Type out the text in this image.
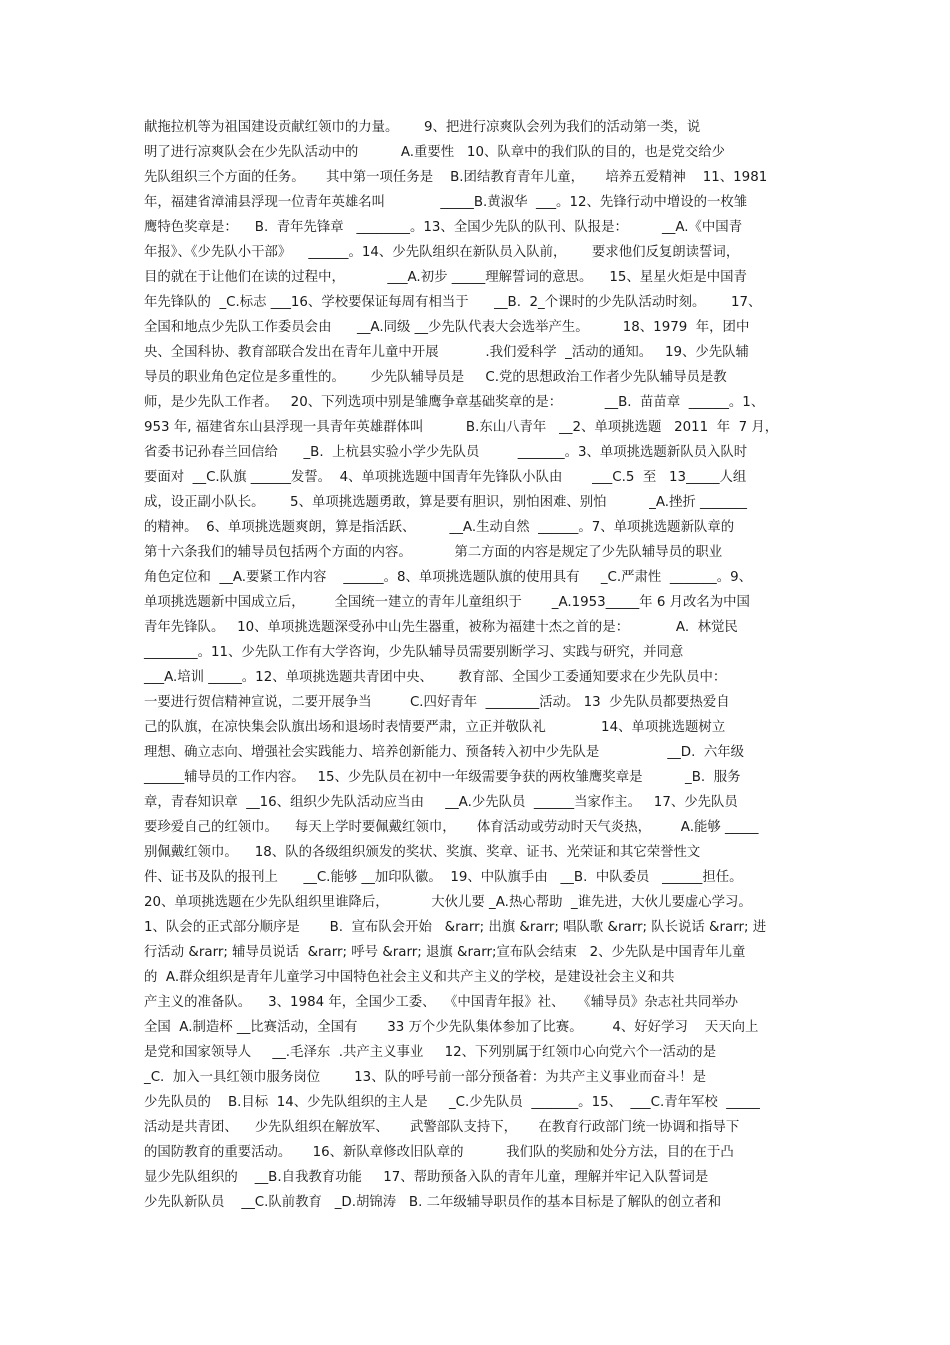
献拖拉机等为祖国建设贡献红领巾的力量。      9、把进行凉爽队会列为我们的活动第一类，说
明了进行凉爽队会在少先队活动中的          A.重要性   10、队章中的我们队的目的，也是党交给少
先队组织三个方面的任务。     其中第一项任务是    B.团结教育青年儿童，     培养五爱精神    11、1981
年，福建省漳浦县浮现一位青年英雄名叫             _____B.黄淑华  ___。12、先锋行动中增设的一枚雏
鹰特色奖章是：    B.  青年先锋章   ________。13、全国少先队的队刊、队报是：        __A.《中国青
年报》、《少先队小干部》    ______。14、少先队组织在新队员入队前，      要求他们反复朗读誓词，
目的就在于让他们在读的过程中，          ___A.初步 _____理解誓词的意思。    15、星星火炬是中国青
年先锋队的  _C.标志 ___16、学校要保证每周有相当于      __B.  2_个课时的少先队活动时刻。      17、
全国和地点少先队工作委员会由      __A.同级 __少先队代表大会选举产生。        18、1979  年，团中
央、全国科协、教育部联合发出在青年儿童中开展           .我们爱科学  _活动的通知。   19、少先队辅
导员的职业角色定位是多重性的。      少先队辅导员是     C.党的思想政治工作者少先队辅导员是教
师，是少先队工作者。   20、下列选项中别是雏鹰争章基础奖章的是：          __B.  苗苗章  ______。1、
953 年, 福建省东山县浮现一具青年英雄群体叫          B.东山八青年   __2、单项挑选题   2011  年  7 月，
省委书记孙春兰回信给      _B.  上杭县实验小学少先队员         _______。3、单项挑选题新队员入队时
要面对  __C.队旗 ______发誓。  4、单项挑选题中国青年先锋队小队由       ___C.5  至   13_____人组
成，设正副小队长。      5、单项挑选题勇敢，算是要有胆识，别怕困难、别怕          _A.挫折 _______
的精神。  6、单项挑选题爽朗，算是指活跃、        __A.生动自然  ______。7、单项挑选题新队章的
第十六条我们的辅导员包括两个方面的内容。          第二方面的内容是规定了少先队辅导员的职业
角色定位和  __A.要紧工作内容    ______。8、单项挑选题队旗的使用具有     _C.严肃性  _______。9、
单项挑选题新中国成立后，       全国统一建立的青年儿童组织于       _A.1953_____年 6 月改名为中国
青年先锋队。   10、单项挑选题深受孙中山先生器重，被称为福建十杰之首的是：           A.  林觉民
________。11、少先队工作有大学咨询，少先队辅导员需要别断学习、实践与研究，并同意
___A.培训 _____。12、单项挑选题共青团中央、      教育部、全国少工委通知要求在少先队员中：
一要进行贺信精神宣说，二要开展争当         C.四好青年  ________活动。 13  少先队员都要热爱自
己的队旗，在凉快集会队旗出场和退场时表情要严肃，立正并敬队礼             14、单项挑选题树立
理想、确立志向、增强社会实践能力、培养创新能力、预备转入初中少先队是                __D.  六年级
______辅导员的工作内容。   15、少先队员在初中一年级需要争获的两枚雏鹰奖章是          _B.  服务
章，青春知识章  __16、组织少先队活动应当由     __A.少先队员  ______当家作主。   17、少先队员
要珍爱自己的红领巾。    每天上学时要佩戴红领巾，     体育活动或劳动时天气炎热，       A.能够 _____
别佩戴红领巾。    18、队的各级组织颁发的奖状、奖旗、奖章、证书、光荣证和其它荣誉性文
件、证书及队的报刊上      __C.能够 __加印队徽。  19、中队旗手由   __B.  中队委员   ______担任。
20、单项挑选题在少先队组织里谁降后，          大伙儿要 _A.热心帮助  _谁先进，大伙儿要虚心学习。
1、队会的正式部分顺序是       B.  宣布队会开始   &rarr; 出旗 &rarr; 唱队歌 &rarr; 队长说话 &rarr; 进
行活动 &rarr; 辅导员说话  &rarr; 呼号 &rarr; 退旗 &rarr;宣布队会结束   2、少先队是中国青年儿童
的  A.群众组织是青年儿童学习中国特色社会主义和共产主义的学校，是建设社会主义和共
产主义的准备队。    3、1984 年，全国少工委、  《中国青年报》社、   《辅导员》杂志社共同举办
全国  A.制造杯 __比赛活动，全国有       33 万个少先队集体参加了比赛。       4、好好学习    天天向上
是党和国家领导人     __.毛泽东  .共产主义事业     12、下列别属于红领巾心向党六个一活动的是
_C.  加入一具红领巾服务岗位        13、队的呼号前一部分预备着：为共产主义事业而奋斗！是
少先队员的    B.目标  14、少先队组织的主人是     _C.少先队员  _______。15、  ___C.青年军校  _____
活动是共青团、    少先队组织在解放军、     武警部队支持下，     在教育行政部门统一协调和指导下
的国防教育的重要活动。     16、新队章修改旧队章的          我们队的奖励和处分方法，目的在于凸
显少先队组织的    __B.自我教育功能     17、帮助预备入队的青年儿童，理解并牢记入队誓词是
少先队新队员    __C.队前教育   _D.胡锦涛   B. 二年级辅导职员作的基本目标是了解队的创立者和
